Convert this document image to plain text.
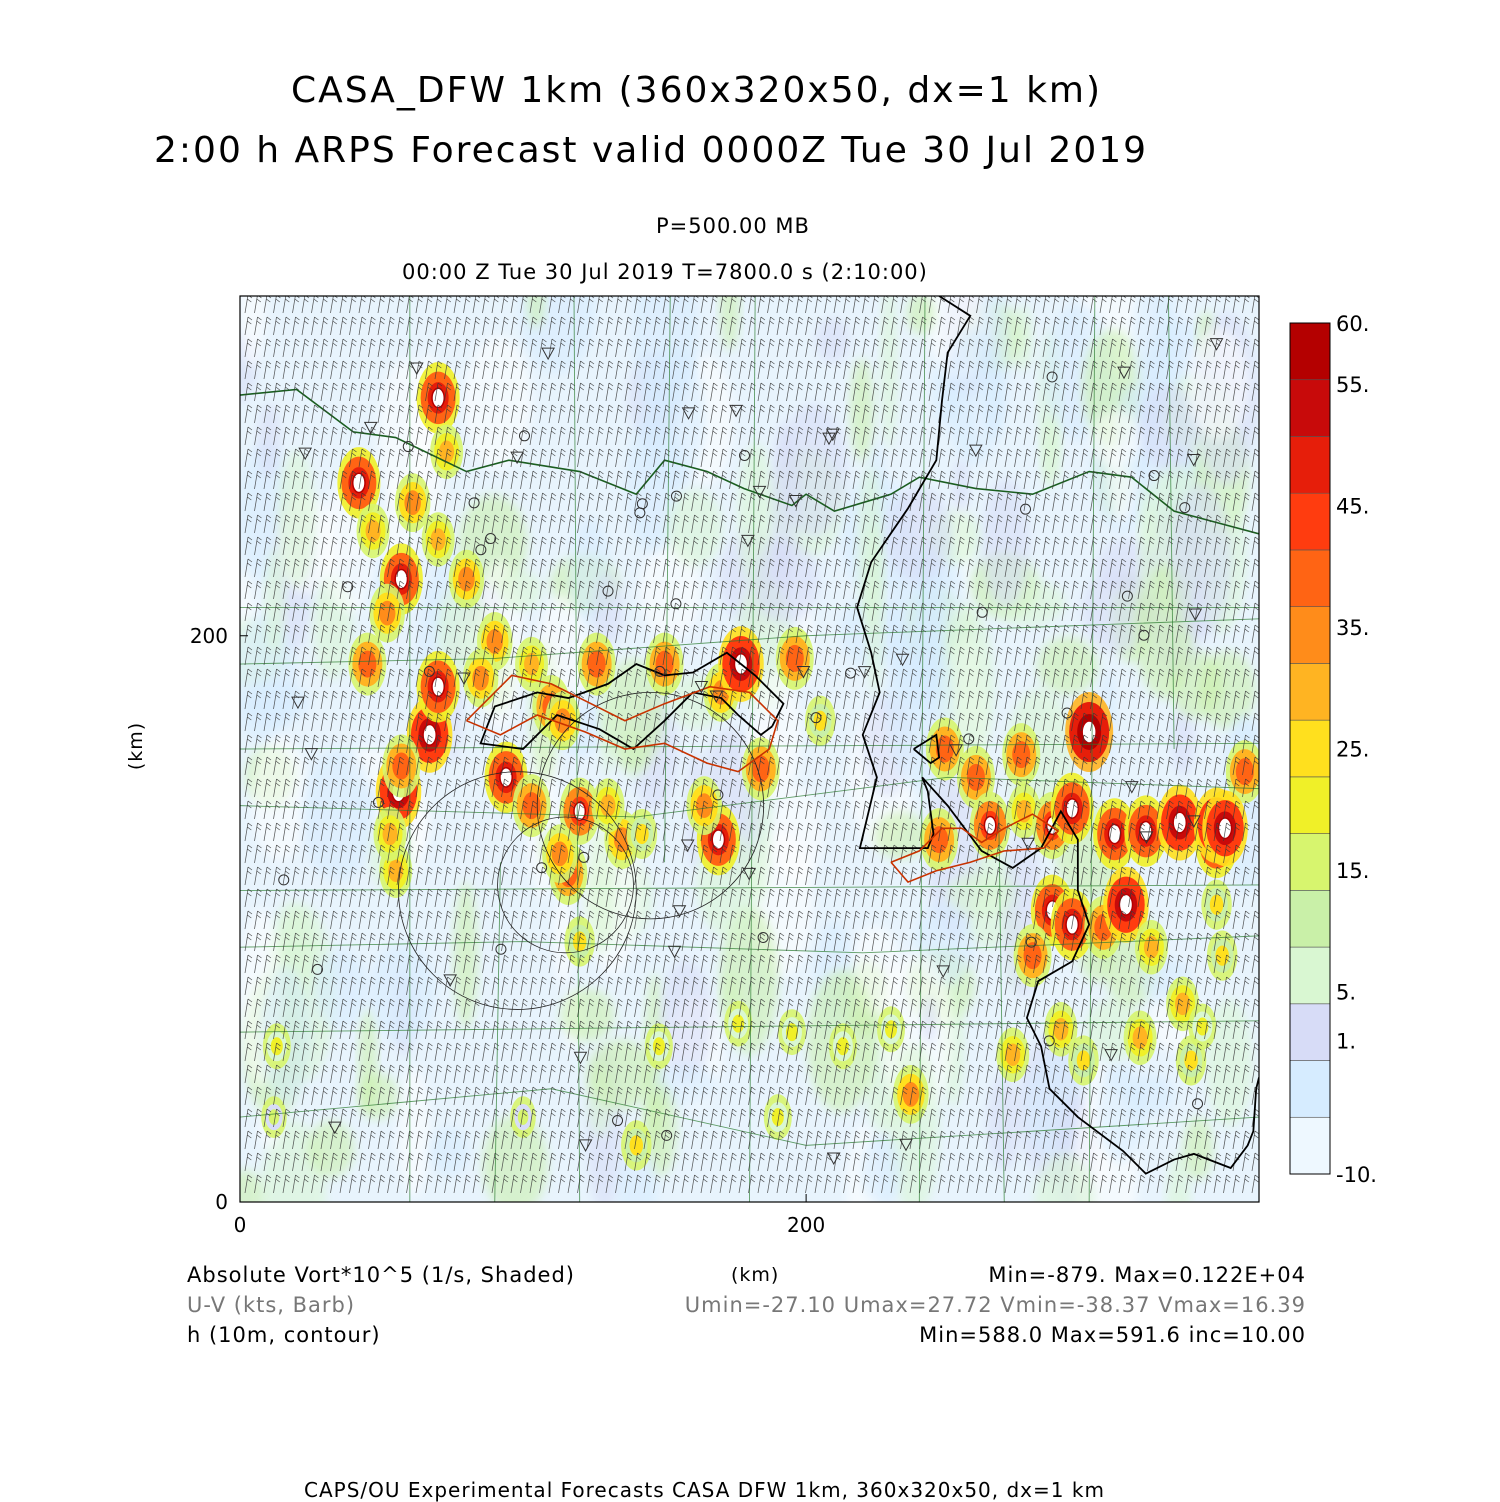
CASA_DFW 1km (360x320x50, dx=1 km)
2:00 h ARPS Forecast valid 0000Z Tue 30 Jul 2019
P=500.00 MB
00:00 Z Tue 30 Jul 2019 T=7800.0 s (2:10:00)
0	200
0
200
-10.
1.
5.
15.
25.
35.
45.
55.
60.
(km)
(km)
Absolute Vort*10^5 (1/s, Shaded)	Min=-879. Max=0.122E+04
U-V (kts, Barb)	Umin=-27.10 Umax=27.72 Vmin=-38.37 Vmax=16.39
h (10m, contour)	Min=588.0 Max=591.6 inc=10.00
CAPS/OU Experimental Forecasts CASA DFW 1km, 360x320x50, dx=1 km
